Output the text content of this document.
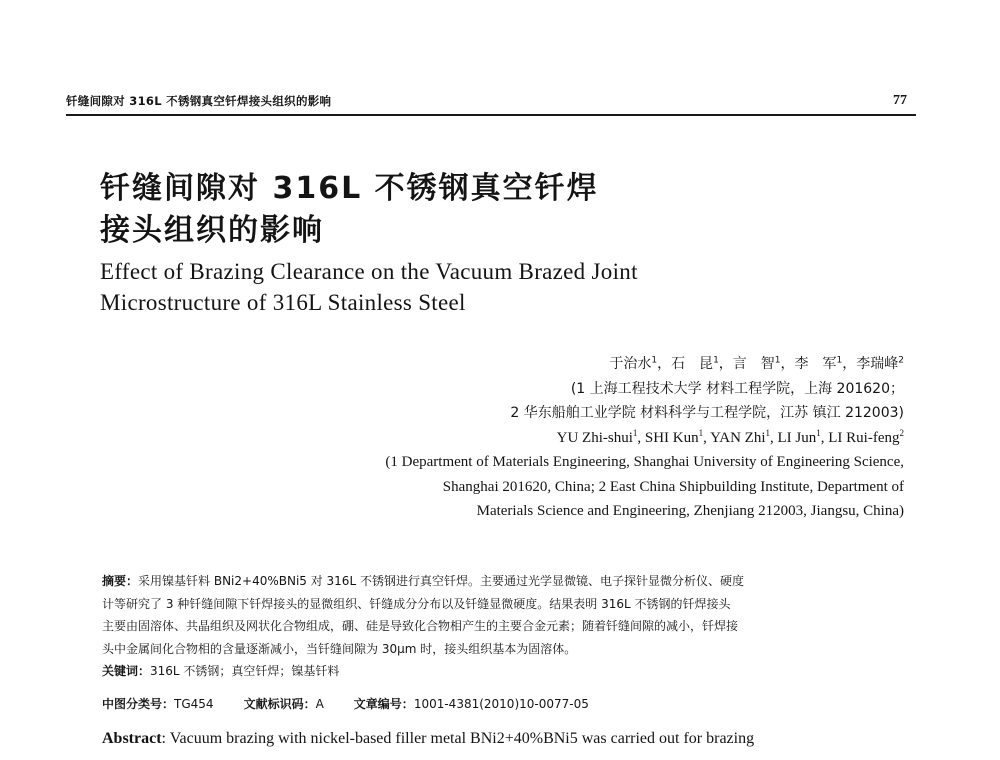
钎缝间隙对 316L 不锈钢真空钎焊接头组织的影响	77
钎缝间隙对 316L 不锈钢真空钎焊
接头组织的影响
Effect of Brazing Clearance on the Vacuum Brazed Joint
Microstructure of 316L Stainless Steel
于治水$^1$，石　昆$^1$，言　智$^1$，李　军$^1$，李瑞峰$^2$
(1 上海工程技术大学 材料工程学院，上海 201620；
2 华东船舶工业学院 材料科学与工程学院，江苏 镇江 212003)
YU Zhi-shui$^1$, SHI Kun$^1$, YAN Zhi$^1$, LI Jun$^1$, LI Rui-feng$^2$
(1 Department of Materials Engineering, Shanghai University of Engineering Science,
Shanghai 201620, China; 2 East China Shipbuilding Institute, Department of
Materials Science and Engineering, Zhenjiang 212003, Jiangsu, China)
摘要：采用镍基钎料 BNi2+40%BNi5 对 316L 不锈钢进行真空钎焊。主要通过光学显微镜、电子探针显微分析仪、硬度
计等研究了 3 种钎缝间隙下钎焊接头的显微组织、钎缝成分分布以及钎缝显微硬度。结果表明 316L 不锈钢的钎焊接头
主要由固溶体、共晶组织及网状化合物组成，硼、硅是导致化合物相产生的主要合金元素；随着钎缝间隙的减小，钎焊接
头中金属间化合物相的含量逐渐减小，当钎缝间隙为 30μm 时，接头组织基本为固溶体。
关键词：316L 不锈钢；真空钎焊；镍基钎料
中图分类号：TG454	文献标识码：A	文章编号：1001-4381(2010)10-0077-05
Abstract: Vacuum brazing with nickel-based filler metal BNi2+40%BNi5 was carried out for brazing
